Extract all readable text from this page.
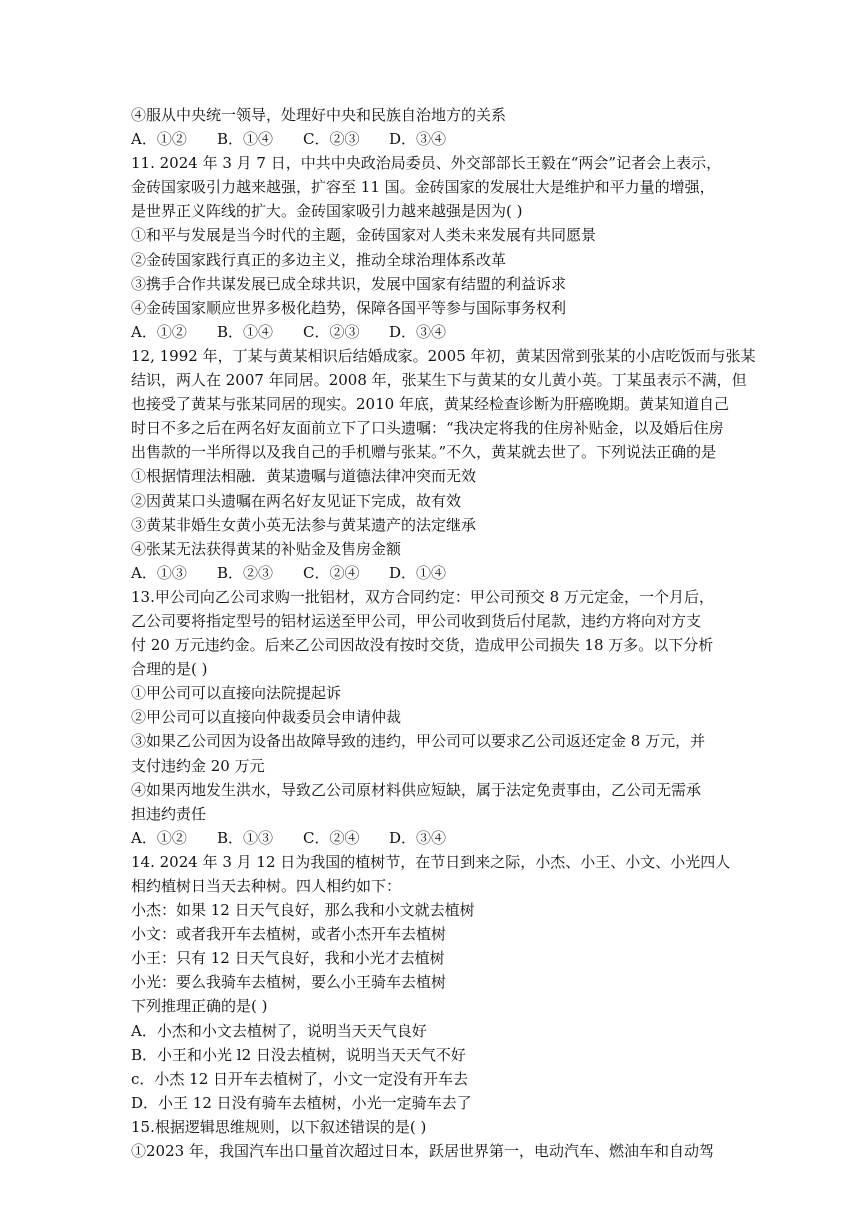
④服从中央统一领导，处理好中央和民族自治地方的关系
A．①② B．①④ C．②③ D．③④
11. 2024 年 3 月 7 日，中共中央政治局委员、外交部部长王毅在“两会”记者会上表示，
金砖国家吸引力越来越强，扩容至 11 国。金砖国家的发展壮大是维护和平力量的增强，
是世界正义阵线的扩大。金砖国家吸引力越来越强是因为( )
①和平与发展是当今时代的主题，金砖国家对人类未来发展有共同愿景
②金砖国家践行真正的多边主义，推动全球治理体系改革
③携手合作共谋发展已成全球共识，发展中国家有结盟的利益诉求
④金砖国家顺应世界多极化趋势，保障各国平等参与国际事务权利
A．①② B．①④ C．②③ D．③④
12, 1992 年，丁某与黄某相识后结婚成家。2005 年初，黄某因常到张某的小店吃饭而与张某
结识，两人在 2007 年同居。2008 年，张某生下与黄某的女儿黄小英。丁某虽表示不满，但
也接受了黄某与张某同居的现实。2010 年底，黄某经检查诊断为肝癌晚期。黄某知道自己
时日不多之后在两名好友面前立下了口头遗嘱：“我决定将我的住房补贴金，以及婚后住房
出售款的一半所得以及我自己的手机赠与张某。”不久，黄某就去世了。下列说法正确的是
①根据情理法相融．黄某遗嘱与道德法律冲突而无效
②因黄某口头遗嘱在两名好友见证下完成，故有效
③黄某非婚生女黄小英无法参与黄某遗产的法定继承
④张某无法获得黄某的补贴金及售房金额
A．①③ B．②③ C．②④ D．①④
13.甲公司向乙公司求购一批铝材，双方合同约定：甲公司预交 8 万元定金，一个月后，
乙公司要将指定型号的铝材运送至甲公司，甲公司收到货后付尾款，违约方将向对方支
付 20 万元违约金。后来乙公司因故没有按时交货，造成甲公司损失 18 万多。以下分析
合理的是( )
①甲公司可以直接向法院提起诉
②甲公司可以直接向仲裁委员会申请仲裁
③如果乙公司因为设备出故障导致的违约，甲公司可以要求乙公司返还定金 8 万元，并
支付违约金 20 万元
④如果丙地发生洪水，导致乙公司原材料供应短缺，属于法定免责事由，乙公司无需承
担违约责任
A．①② B．①③ C．②④ D．③④
14. 2024 年 3 月 12 日为我国的植树节，在节日到来之际，小杰、小王、小文、小光四人
相约植树日当天去种树。四人相约如下：
小杰：如果 12 日天气良好，那么我和小文就去植树
小文：或者我开车去植树，或者小杰开车去植树
小王：只有 12 日天气良好，我和小光才去植树
小光：要么我骑车去植树，要么小王骑车去植树
下列推理正确的是( )
A．小杰和小文去植树了，说明当天天气良好
B．小王和小光 l2 日没去植树，说明当天天气不好
c．小杰 12 日开车去植树了，小文一定没有开车去
D．小王 12 日没有骑车去植树，小光一定骑车去了
15.根据逻辑思维规则，以下叙述错误的是( )
①2023 年，我国汽车出口量首次超过日本，跃居世界第一，电动汽车、燃油车和自动驾
